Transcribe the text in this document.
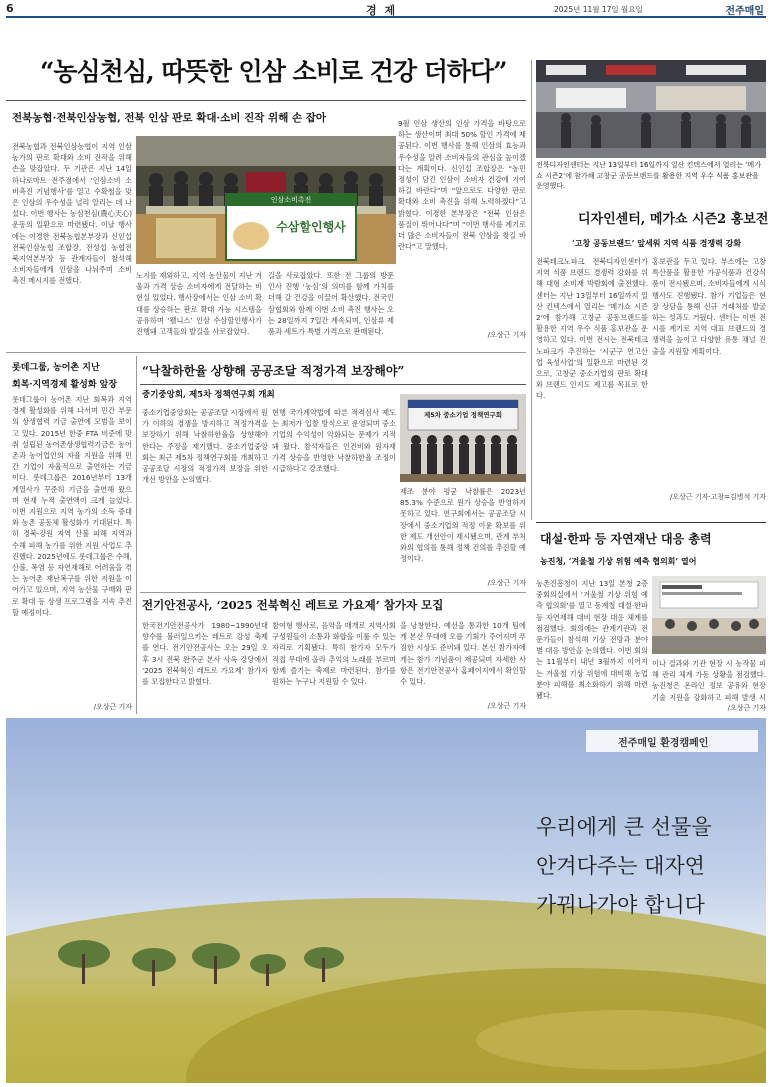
6	경 제	2025년 11월 17일 월요일	전주매일
“농심천심, 따뜻한 인삼 소비로 건강 더하다”
전북농협·전북인삼농협, 전북 인삼 판로 확대·소비 진작 위해 손 잡아
전북농협과 전북인삼농협이 지역 인삼 농가의 판로 확대와 소비 진작을 위해 손을 맞잡았다. 두 기관은 지난 14일 하나로마트 전주점에서 ‘인삼소비 소비촉진 기념행사’를 열고 수확철을 맞은 인삼의 우수성을 널리 알리는 데 나섰다. 이번 행사는 농심천심(農心天心) 운동의 일환으로 마련됐다. 이날 행사에는 이경한 전북농협본부장과 신인섭 전북인삼농협 조합장, 전성섭 농협전북지역본부장 등 관계자들이 참석해 소비자들에게 인삼을 나눠주며 소비 촉진 메시지를 전했다.
인삼소비촉진
수삼할인행사
노지를 제외하고, 지역 농산물이 지난 겨울과 가격 상승 소비자에게 전달하는 비 현실 있었다. 행사장에서는 인삼 소비 확대를 상승하는 판로 확대 가능 시스템을 공유하며 ‘웰니스’ 인삼 수삼할인행사가 진행돼 고객들의 발길을 사로잡았다.
길을 사로잡았다. 또한 전 그룹의 방문 인사 진행 ‘농심’의 의미를 함께 가치를 더해 갈 건강을 이끌어 확산했다. 전국인삼협회와 함께 이번 소비 촉진 행사는 오는 28일까지 7일간 계속되며, 인삼류 제품과 세트가 특별 가격으로 판매된다.
9월 인삼 생산의 인삼 가격을 바탕으로 하는 생산이며 최대 50% 할인 가격에 제공된다. 이번 행사를 통해 인삼의 효능과 우수성을 알려 소비자들의 관심을 높이겠다는 계획이다. 신인섭 조합장은 “농민 정성이 담긴 인삼이 소비자 건강에 기여하길 바란다”며 “앞으로도 다양한 판로 확대와 소비 촉진을 위해 노력하겠다”고 밝혔다. 이경한 본부장은 “전북 인삼은 품질이 뛰어나다”며 “이번 행사를 계기로 더 많은 소비자들이 전북 인삼을 찾길 바란다”고 말했다.
/오상근 기자
전북디자인센터는 지난 13일부터 16일까지 일산 킨텍스에서 열리는 ‘메가쇼 시즌2’에 참가해 고창군 공동브랜드를 활용한 지역 우수 식품 홍보관을 운영했다.
디자인센터, 메가쇼 시즌2 홍보전
‘고창 공동브랜드’ 앞세워 지역 식품 경쟁력 강화
전북테크노파크 전북디자인센터가 지역 식품 브랜드 경쟁력 강화를 위해 대형 소비재 박람회에 출전했다. 센터는 지난 13일부터 16일까지 일산 킨텍스에서 열리는 ‘메가쇼 시즌2’에 참가해 고창군 공동브랜드를 활용한 지역 우수 식품 홍보관을 운영하고 있다. 이번 전시는 전북테크노파크가 추진하는 ‘시군구 연고산업 육성사업’의 일환으로 마련된 것으로, 고창군 중소기업의 판로 확대와 브랜드 인지도 제고를 목표로 한다.
홍보관을 두고 있다. 부스에는 고창특산품을 활용한 가공식품과 건강식품이 전시됐으며, 소비자들에게 시식 행사도 진행됐다. 참가 기업들은 현장 상담을 통해 신규 거래처를 발굴하는 성과도 거뒀다. 센터는 이번 전시를 계기로 지역 대표 브랜드의 경쟁력을 높이고 다양한 유통 채널 진출을 지원할 계획이다.
/오상근 기자·고창=김병석 기자
대설·한파 등 자연재난 대응 총력
농진청, ‘겨울철 기상 위험 예측 협의회’ 열어
농촌진흥청이 지난 13일 본청 2층 중회의실에서 ‘겨울철 기상 위험 예측 협의회’를 열고 동계철 대설·한파 등 자연재해 대비 현장 대응 체계를 점검했다. 회의에는 관계기관과 전문가들이 참석해 기상 전망과 분야별 대응 방안을 논의했다. 이번 회의는 11월부터 내년 3월까지 이어지는 겨울철 기상 위험에 대비해 농업 분야 피해를 최소화하기 위해 마련됐다.
이나 결과와 기관 현장 시 농작물 피해 관리 체계 가동 상황을 점검했다. 농진청은 온라인 정보 공유와 현장 기술 지원을 강화하고 피해 발생 시
/오상근 기자
롯데그룹, 농어촌 지난
회복·지역경제 활성화 앞장
롯데그룹이 농어촌 지난 회복과 지역경제 활성화를 위해 나서며 민간 부문의 상생협력 기금 출연에 모범을 보이고 있다. 2015년 한중 FTA 비준에 맞춰 설립된 농어촌상생협력기금은 농어촌과 농어업인의 자율 지원을 위해 민간 기업이 자율적으로 출연하는 기금이다. 롯데그룹은 2016년부터 13개 계열사가 꾸준히 기금을 출연해 왔으며 현재 누적 출연액이 크게 늘었다. 이번 지원으로 지역 농가의 소득 증대와 농촌 공동체 활성화가 기대된다. 특히 경북·강원 지역 산불 피해 지역과 수해 피해 농가를 위한 지원 사업도 추진했다. 2025년에도 롯데그룹은 수해, 산불, 폭염 등 자연재해로 어려움을 겪는 농어촌 재난복구를 위한 지원을 이어가고 있으며, 지역 농산물 구매와 판로 확대 등 상생 프로그램을 지속 추진할 예정이다.
/오상근 기자
“낙찰하한율 상향해 공공조달 적정가격 보장해야”
중기중앙회, 제5차 정책연구회 개최
중소기업중앙회는 공공조달 시장에서 원가 이하의 경쟁을 방지하고 적정가격을 보장하기 위해 낙찰하한율을 상향해야 한다는 주장을 제기했다. 중소기업중앙회는 최근 제5차 정책연구회를 개최하고 공공조달 시장의 적정가격 보장을 위한 개선 방안을 논의했다.
현행 국가계약법에 따른 적격심사 제도는 최저가 입찰 방식으로 운영되며 중소기업의 수익성이 악화되는 문제가 지적돼 왔다. 참석자들은 인건비와 원자재 가격 상승을 반영한 낙찰하한율 조정이 시급하다고 강조했다.
제5차 중소기업 정책연구회
제조 분야 평균 낙찰률은 2023년 85.3% 수준으로 원가 상승을 반영하지 못하고 있다. 연구회에서는 공공조달 시장에서 중소기업의 적정 이윤 확보를 위한 제도 개선안이 제시됐으며, 관계 부처와의 협의를 통해 정책 건의를 추진할 예정이다.
/오상근 기자
전기안전공사, ‘2025 전북혁신 레트로 가요제’ 참가자 모집
한국전기안전공사가 1980~1990년대 향수를 불러일으키는 레트로 감성 축제를 연다. 전기안전공사는 오는 29일 오후 3시 전북 완주군 본사 사옥 강당에서 ‘2025 전북혁신 레트로 가요제’ 참가자를 모집한다고 밝혔다.
참여형 행사로, 음악을 매개로 지역사회 구성원들이 소통과 화합을 이룰 수 있는 자리로 기획됐다. 특히 참가자 모두가 직접 무대에 올라 추억의 노래를 부르며 함께 즐기는 축제로 마련된다. 참가를 원하는 누구나 지원할 수 있다.
을 낭창한다. 예선을 통과한 10개 팀에게 본선 무대에 오를 기회가 주어지며 푸짐한 시상도 준비돼 있다. 본선 참가자에게는 참가 기념품이 제공되며 자세한 사항은 전기안전공사 홈페이지에서 확인할 수 있다.
/오상근 기자
전주매일 환경캠페인
우리에게 큰 선물을
안겨다주는 대자연
가꿔나가야 합니다
